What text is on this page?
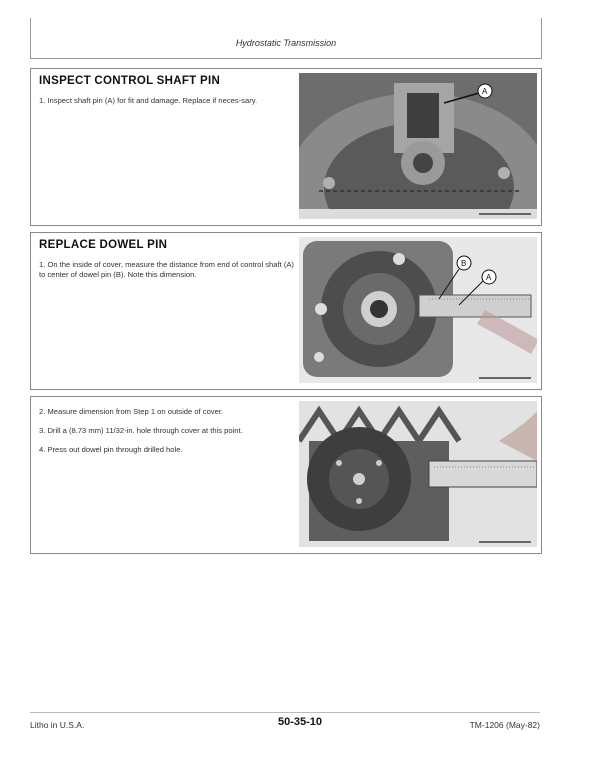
Hydrostatic Transmission
INSPECT CONTROL SHAFT PIN

1. Inspect shaft pin (A) for fit and damage. Replace if neces-sary.

A
REPLACE DOWEL PIN

1. On the inside of cover, measure the distance from end of control shaft (A) to center of dowel pin (B). Note this dimension.

B
A

2. Measure dimension from Step 1 on outside of cover.

3. Drill a (8.73 mm) 11/32-in. hole through cover at this point.

4. Press out dowel pin through drilled hole.

Litho in U.S.A.	50-35-10	TM-1206 (May-82)
